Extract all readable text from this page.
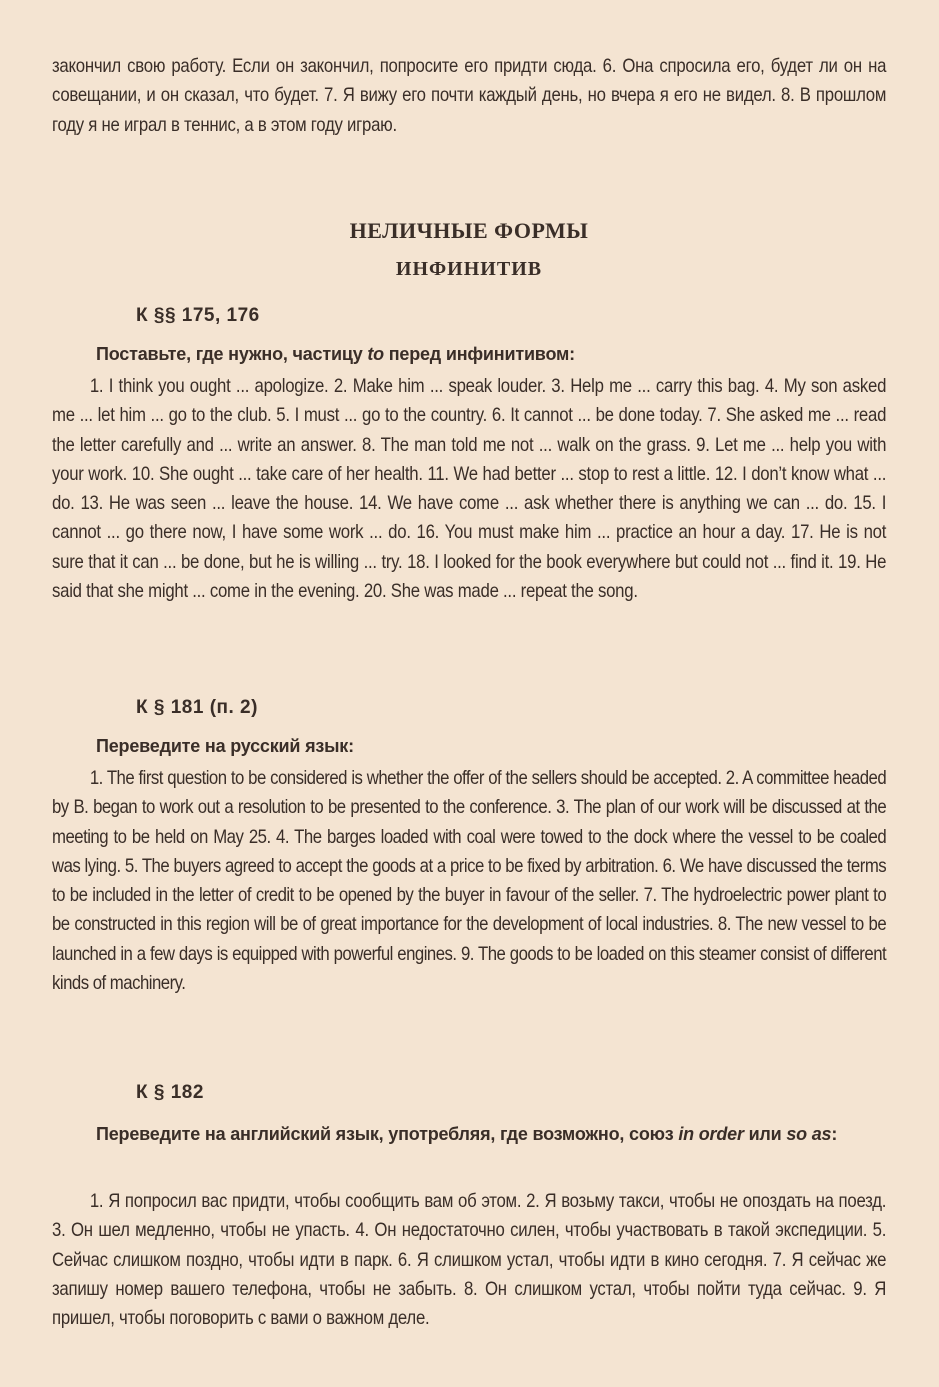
закончил свою работу. Если он закончил, попросите его придти сюда. 6. Она спросила его, будет ли он на совещании, и он сказал, что будет. 7. Я вижу его почти каждый день, но вчера я его не видел. 8. В прошлом году я не играл в теннис, а в этом году играю.

НЕЛИЧНЫЕ ФОРМЫ
ИНФИНИТИВ
К §§ 175, 176
Поставьте, где нужно, частицу to перед инфинитивом:

1. I think you ought ... apologize. 2. Make him ... speak louder. 3. Help me ... carry this bag. 4. My son asked me ... let him ... go to the club. 5. I must ... go to the country. 6. It cannot ... be done today. 7. She asked me ... read the letter carefully and ... write an answer. 8. The man told me not ... walk on the grass. 9. Let me ... help you with your work. 10. She ought ... take care of her health. 11. We had better ... stop to rest a little. 12. I don’t know what ... do. 13. He was seen ... leave the house. 14. We have come ... ask whether there is anything we can ... do. 15. I cannot ... go there now, I have some work ... do. 16. You must make him ... practice an hour a day. 17. He is not sure that it can ... be done, but he is willing ... try. 18. I looked for the book everywhere but could not ... find it. 19. He said that she might ... come in the evening. 20. She was made ... repeat the song.

К § 181 (п. 2)
Переведите на русский язык:

1. The first question to be considered is whether the offer of the sellers should be accepted. 2. A committee headed by B. began to work out a resolution to be presented to the conference. 3. The plan of our work will be discussed at the meeting to be held on May 25. 4. The barges loaded with coal were towed to the dock where the vessel to be coaled was lying. 5. The buyers agreed to accept the goods at a price to be fixed by arbitration. 6. We have discussed the terms to be included in the letter of credit to be opened by the buyer in favour of the seller. 7. The hydroelectric power plant to be constructed in this region will be of great importance for the development of local industries. 8. The new vessel to be launched in a few days is equipped with powerful engines. 9. The goods to be loaded on this steamer consist of different kinds of machinery.

К § 182
Переведите на английский язык, употребляя, где возможно, союз in order или so as:

1. Я попросил вас придти, чтобы сообщить вам об этом. 2. Я возьму такси, чтобы не опоздать на поезд. 3. Он шел медленно, чтобы не упасть. 4. Он недостаточно силен, чтобы участвовать в такой экспедиции. 5. Сейчас слишком поздно, чтобы идти в парк. 6. Я слишком устал, чтобы идти в кино сегодня. 7. Я сейчас же запишу номер вашего телефона, чтобы не забыть. 8. Он слишком устал, чтобы пойти туда сейчас. 9. Я пришел, чтобы поговорить с вами о важном деле.
